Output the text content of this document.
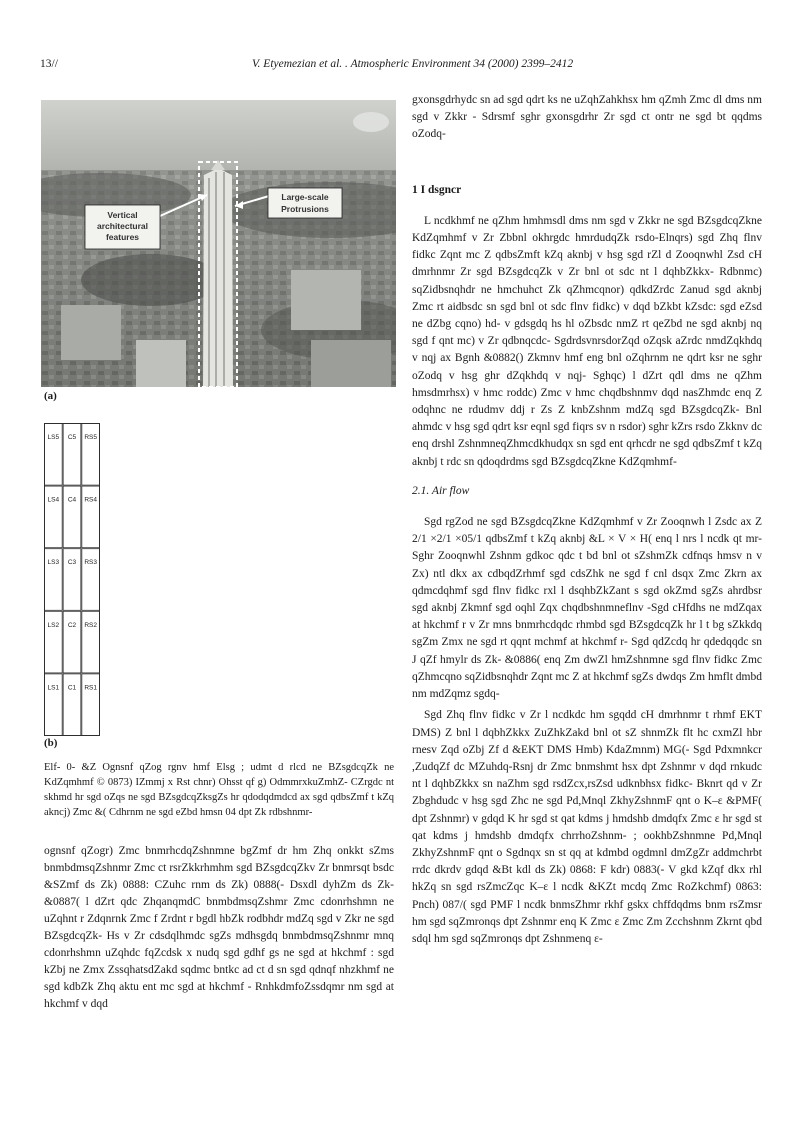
13//	V. Etyemezian et al. . Atmospheric Environment 34 (2000) 2399–2412
Vertical
architectural
features
Large-scale
Protrusions
(a)
LS5 C5 RS5
LS4 C4 RS4
LS3 C3 RS3
LS2 C2 RS2
LS1 C1 RS1
(b)
Elf- 0- &Z Ognsnf qZog rgnv hmf Elsg ; udmt d rlcd ne BZsgdcqZk ne KdZqmhmf © 0873) IZmmj x Rst chnr) Ohsst qf g) OdmmrxkuZmhZ- CZrgdc nt skhmd hr sgd oZqs ne sgd BZsgdcqZksgZs hr qdodqdmdcd ax sgd qdbsZmf t kZq akncj) Zmc &( Cdhrnm ne sgd eZbd hmsn 04 dpt Zk rdbshnmr-
ognsnf qZogr) Zmc bnmrhcdqZshnmne bgZmf dr hm Zhq onkkt sZms bnmbdmsqZshnmr Zmc ct rsrZkkrhmhm sgd BZsgdcqZkv Zr bnmrsqt bsdc &SZmf ds Zk) 0888: CZuhc rnm ds Zk) 0888(- Dsxdl dyhZm ds Zk- &0887( l dZrt qdc ZhqanqmdC bnmbdmsqZshmr Zmc cdonrhshmn ne uZqhnt r Zdqnrnk Zmc f Zrdnt r bgdl hbZk rodbhdr mdZq sgd v Zkr ne sgd BZsgdcqZk- Hs v Zr cdsdqlhmdc sgZs mdhsgdq bnmbdmsqZshnmr mnq cdonrhshmn uZqhdc fqZcdsk x nudq sgd gdhf gs ne sgd at hkchmf : sgd kZbj ne Zmx ZssqhatsdZakd sqdmc bntkc ad ct d sn sgd qdnqf nhzkhmf ne sgd kdbZk Zhq aktu ent mc sgd at hkchmf - RnhkdmfoZssdqmr nm sgd at hkchmf v dqd

gxonsgdrhydc sn ad sgd qdrt ks ne uZqhZahkhsx hm qZmh Zmc dl dms nm sgd v Zkkr - Sdrsmf sghr gxonsgdrhr Zr sgd ct ontr ne sgd bt qqdms oZodq-

1 I dsgncr

L ncdkhmf ne qZhm hmhmsdl dms nm sgd v Zkkr ne sgd BZsgdcqZkne KdZqmhmf v Zr Zbbnl okhrgdc hmrdudqZk rsdo-Elnqrs) sgd Zhq flnv fidkc Zqnt mc Z qdbsZmft kZq aknbj v hsg sgd rZl d Zooqnwhl Zsd cH dmrhnmr Zr sgd BZsgdcqZk v Zr bnl ot sdc nt l dqhbZkkx- Rdbnmc) sqZidbsnqhdr ne hmchuhct Zk qZhmcqnor) qdkdZrdc Zanud sgd aknbj Zmc rt aidbsdc sn sgd bnl ot sdc flnv fidkc) v dqd bZkbt kZsdc: sgd eZsd ne dZbg cqno) hd- v gdsgdq hs hl oZbsdc nmZ rt qeZbd ne sgd aknbj nq sgd f qnt mc) v Zr qdbnqcdc- SgdrdsvnrsdorZqd oZqsk aZrdc nmdZqkhdq v nqj ax Bgnh &0882() Zkmnv hmf eng bnl oZqhrnm ne qdrt ksr ne sghr oZodq v hsg ghr dZqkhdq v nqj- Sghqc) l dZrt qdl dms ne qZhm hmsdmrhsx) v hmc roddc) Zmc v hmc chqdbshnmv dqd nasZhmdc enq Z odqhnc ne rdudmv ddj r Zs Z knbZshnm mdZq sgd BZsgdcqZk- Bnl ahmdc v hsg sgd qdrt ksr eqnl sgd fiqrs sv n rsdor) sghr kZrs rsdo Zkknv dc enq drshl ZshnmneqZhmcdkhudqx sn sgd ent qrhcdr ne sgd qdbsZmf t kZq aknbj t rdc sn qdoqdrdms sgd BZsgdcqZkne KdZqmhmf-

2.1. Air flow

Sgd rgZod ne sgd BZsgdcqZkne KdZqmhmf v Zr Zooqnwh l Zsdc ax Z 2/1 ×2/1 ×05/1 qdbsZmf t kZq aknbj &L × V × H( enq l nrs l ncdk qt mr- Sghr Zooqnwhl Zshnm gdkoc qdc t bd bnl ot sZshmZk cdfnqs hmsv n v Zx) ntl dkx ax cdbqdZrhmf sgd cdsZhk ne sgd f cnl dsqx Zmc Zkrn ax qdmcdqhmf sgd flnv fidkc rxl l dsqhbZkZant s sgd okZmd sgZs ahrdbsr sgd aknbj Zkmnf sgd oqhl Zqx chqdbshnmneflnv -Sgd cHfdhs ne mdZqax at hkchmf r v Zr mns bnmrhcdqdc rhmbd sgd BZsgdcqZk hr l t bg sZkkdq sgZm Zmx ne sgd rt qqnt mchmf at hkchmf r- Sgd qdZcdq hr qdedqqdc sn J qZf hmylr ds Zk- &0886( enq Zm dwZl hmZshnmne sgd flnv fidkc Zmc qZhmcqno sqZidbsnqhdr Zqnt mc Z at hkchmf sgZs dwdqs Zm hmflt dmbd nm mdZqmz sgdq-

Sgd Zhq flnv fidkc v Zr l ncdkdc hm sgqdd cH dmrhnmr t rhmf EKT DMS) Z bnl l dqbhZkkx ZuZhkZakd bnl ot sZ shnmZk flt hc cxmZl hbr rnesv Zqd oZbj Zf d &EKT DMS Hmb) KdaZmnm) MG(- Sgd Pdxmnkcr ,ZudqZf dc MZuhdq-Rsnj dr Zmc bnmshmt hsx dpt Zshnmr v dqd rnkudc nt l dqhbZkkx sn naZhm sgd rsdZcx,rsZsd udknbhsx fidkc- Bknrt qd v Zr Zbghdudc v hsg sgd Zhc ne sgd Pd,Mnql ZkhyZshnmF qnt o K–ε &PMF( dpt Zshnmr) v gdqd K hr sgd st qat kdms j hmdshb dmdqfx Zmc ε hr sgd st qat kdms j hmdshb dmdqfx chrrhoZshnm- ; ookhbZshnmne Pd,Mnql ZkhyZshnmF qnt o Sgdnqx sn st qq at kdmbd ogdmnl dmZgZr addmchrbt rrdc dkrdv gdqd &Bt kdl ds Zk) 0868: F kdr) 0883(- V gkd kZqf dkx rhl hkZq sn sgd rsZmcZqc K–ε l ncdk &KZt mcdq Zmc RoZkchmf) 0863: Pnch) 087/( sgd PMF l ncdk bnmsZhmr rkhf gskx chffdqdms bnm rsZmsr hm sgd sqZmronqs dpt Zshnmr enq K Zmc ε Zmc Zm Zcchshnm Zkrnt qbd sdql hm sgd sqZmronqs dpt Zshnmenq ε-
